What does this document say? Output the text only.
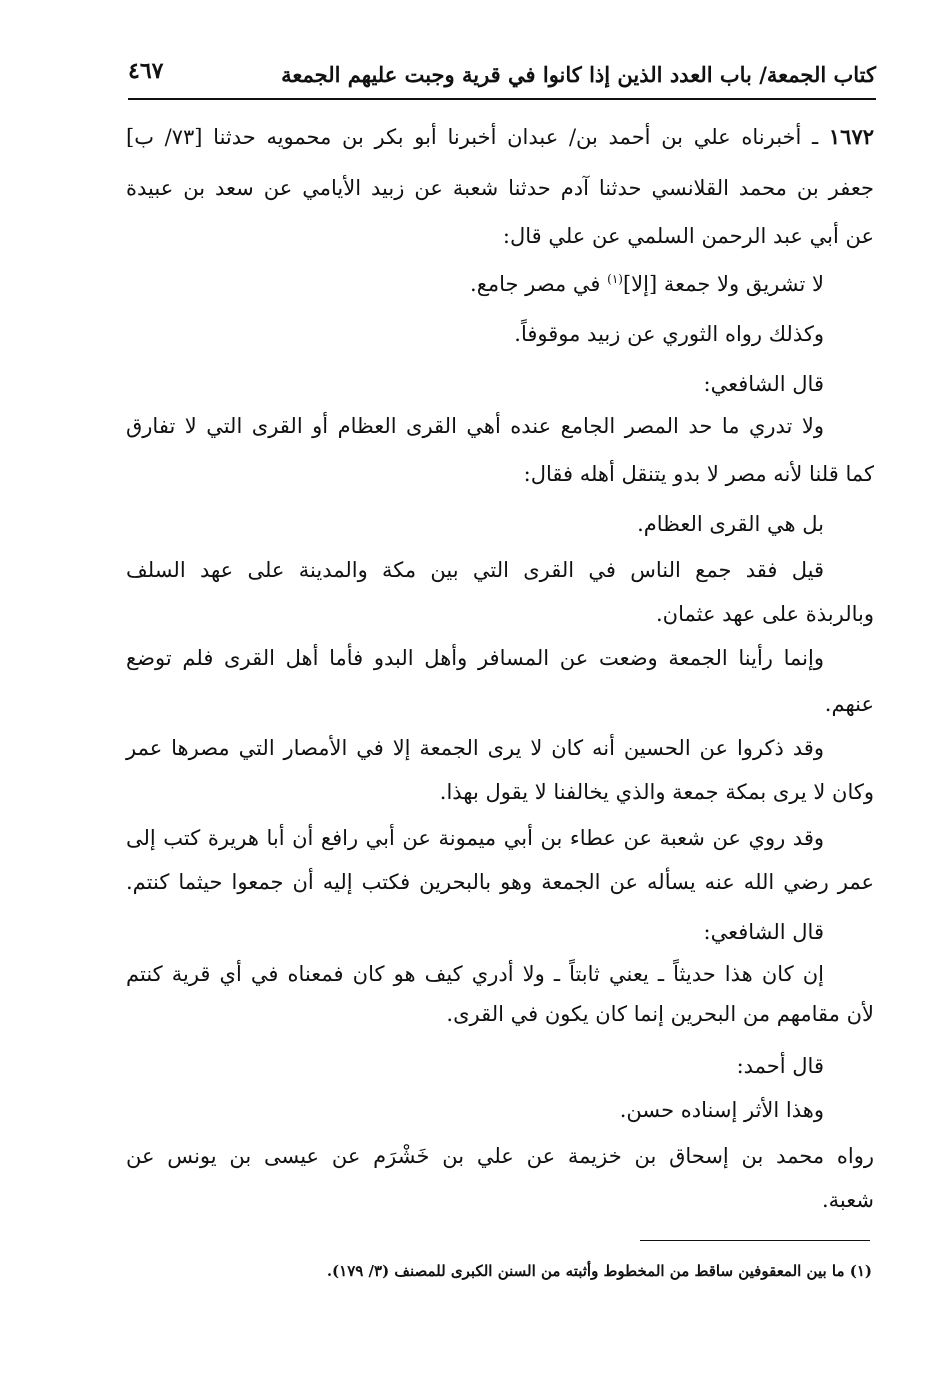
كتاب الجمعة/ باب العدد الذين إذا كانوا في قرية وجبت عليهم الجمعة
٤٦٧
١٦٧٢ ـ أخبرناه علي بن أحمد بن/ عبدان أخبرنا أبو بكر بن محمويه حدثنا [٧٣/ ب]
جعفر بن محمد القلانسي حدثنا آدم حدثنا شعبة عن زبيد الأيامي عن سعد بن عبيدة
عن أبي عبد الرحمن السلمي عن علي قال:
لا تشريق ولا جمعة [إلا]$^{(١)}$ في مصر جامع.
وكذلك رواه الثوري عن زبيد موقوفاً.
قال الشافعي:
ولا تدري ما حد المصر الجامع عنده أهي القرى العظام أو القرى التي لا تفارق
كما قلنا لأنه مصر لا بدو يتنقل أهله فقال:
بل هي القرى العظام.
قيل فقد جمع الناس في القرى التي بين مكة والمدينة على عهد السلف
وبالربذة على عهد عثمان.
وإنما رأينا الجمعة وضعت عن المسافر وأهل البدو فأما أهل القرى فلم توضع
عنهم.
وقد ذكروا عن الحسين أنه كان لا يرى الجمعة إلا في الأمصار التي مصرها عمر
وكان لا يرى بمكة جمعة والذي يخالفنا لا يقول بهذا.
وقد روي عن شعبة عن عطاء بن أبي ميمونة عن أبي رافع أن أبا هريرة كتب إلى
عمر رضي الله عنه يسأله عن الجمعة وهو بالبحرين فكتب إليه أن جمعوا حيثما كنتم.
قال الشافعي:
إن كان هذا حديثاً ـ يعني ثابتاً ـ ولا أدري كيف هو كان فمعناه في أي قرية كنتم
لأن مقامهم من البحرين إنما كان يكون في القرى.
قال أحمد:
وهذا الأثر إسناده حسن.
رواه محمد بن إسحاق بن خزيمة عن علي بن خَشْرَم عن عيسى بن يونس عن
شعبة.
(١) ما بين المعقوفين ساقط من المخطوط وأثبته من السنن الكبرى للمصنف (٣/ ١٧٩).
